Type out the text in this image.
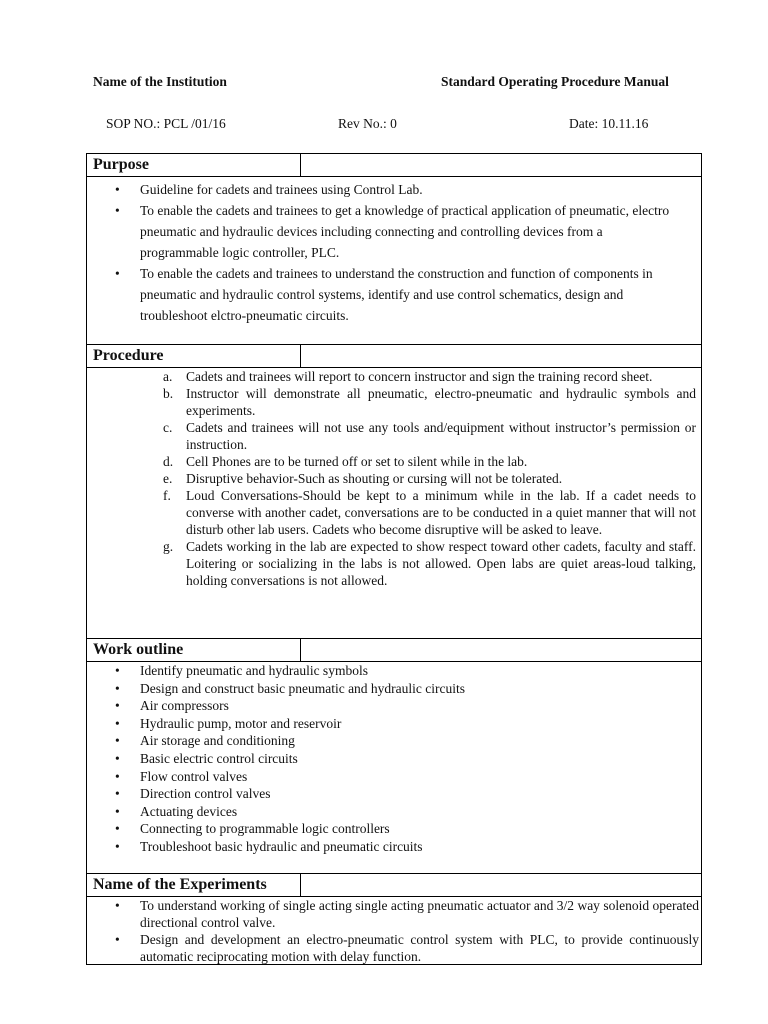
Name of the Institution	Standard Operating Procedure Manual
SOP NO.: PCL /01/16	Rev No.: 0	Date: 10.11.16
Purpose
• Guideline for cadets and trainees using Control Lab.
• To enable the cadets and trainees to get a knowledge of practical application of pneumatic, electro pneumatic and hydraulic devices including connecting and controlling devices from a programmable logic controller, PLC.
• To enable the cadets and trainees to understand the construction and function of components in pneumatic and hydraulic control systems, identify and use control schematics, design and troubleshoot elctro-pneumatic circuits.
Procedure
a. Cadets and trainees will report to concern instructor and sign the training record sheet.
b. Instructor will demonstrate all pneumatic, electro-pneumatic and hydraulic symbols and experiments.
c. Cadets and trainees will not use any tools and/equipment without instructor’s permission or instruction.
d. Cell Phones are to be turned off or set to silent while in the lab.
e. Disruptive behavior-Such as shouting or cursing will not be tolerated.
f. Loud Conversations-Should be kept to a minimum while in the lab. If a cadet needs to converse with another cadet, conversations are to be conducted in a quiet manner that will not disturb other lab users. Cadets who become disruptive will be asked to leave.
g. Cadets working in the lab are expected to show respect toward other cadets, faculty and staff. Loitering or socializing in the labs is not allowed. Open labs are quiet areas-loud talking, holding conversations is not allowed.
Work outline
• Identify pneumatic and hydraulic symbols
• Design and construct basic pneumatic and hydraulic circuits
• Air compressors
• Hydraulic pump, motor and reservoir
• Air storage and conditioning
• Basic electric control circuits
• Flow control valves
• Direction control valves
• Actuating devices
• Connecting to programmable logic controllers
• Troubleshoot basic hydraulic and pneumatic circuits
Name of the Experiments
• To understand working of single acting single acting pneumatic actuator and 3/2 way solenoid operated directional control valve.
• Design and development an electro-pneumatic control system with PLC, to provide continuously automatic reciprocating motion with delay function.
